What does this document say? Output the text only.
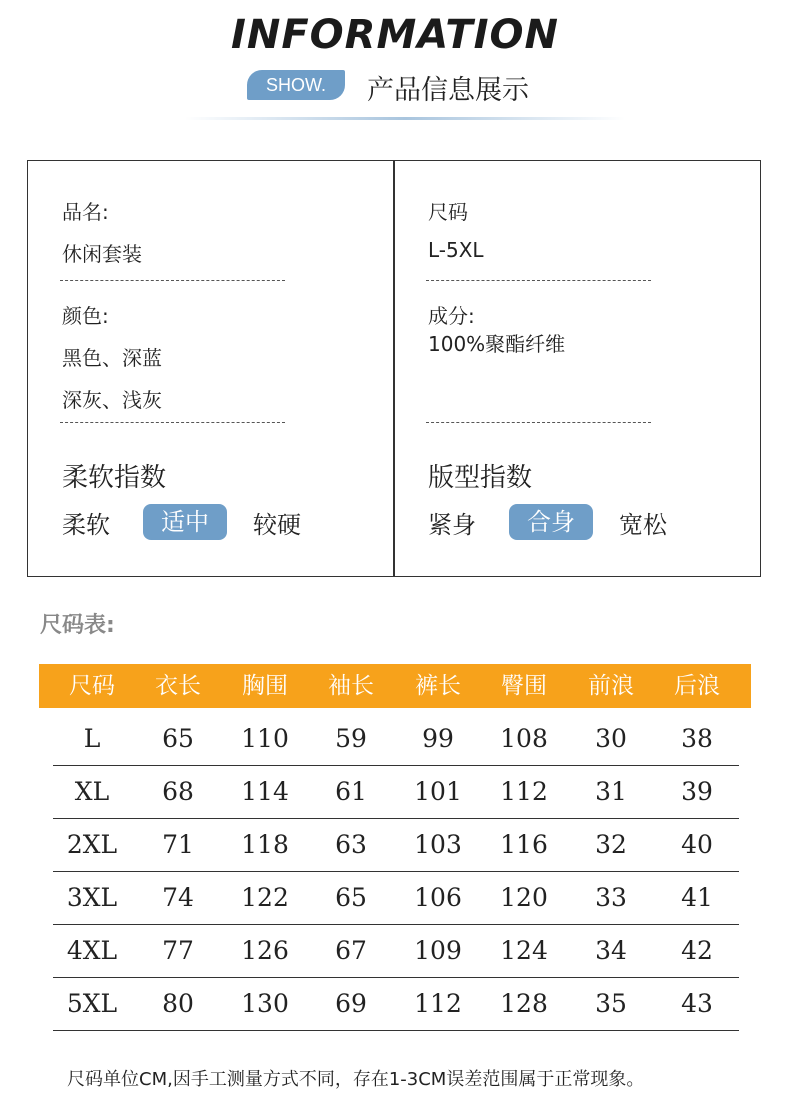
INFORMATION
SHOW.	产品信息展示
品名:
休闲套装
颜色:
黑色、深蓝
深灰、浅灰
柔软指数
柔软	适中	较硬
尺码
L-5XL
成分:
100%聚酯纤维
版型指数
紧身	合身	宽松
尺码表:
尺码	衣长	胸围	袖长	裤长	臀围	前浪	后浪
L	65	110	59	99	108	30	38
XL	68	114	61	101	112	31	39
2XL	71	118	63	103	116	32	40
3XL	74	122	65	106	120	33	41
4XL	77	126	67	109	124	34	42
5XL	80	130	69	112	128	35	43
尺码单位CM,因手工测量方式不同，存在1-3CM误差范围属于正常现象。
